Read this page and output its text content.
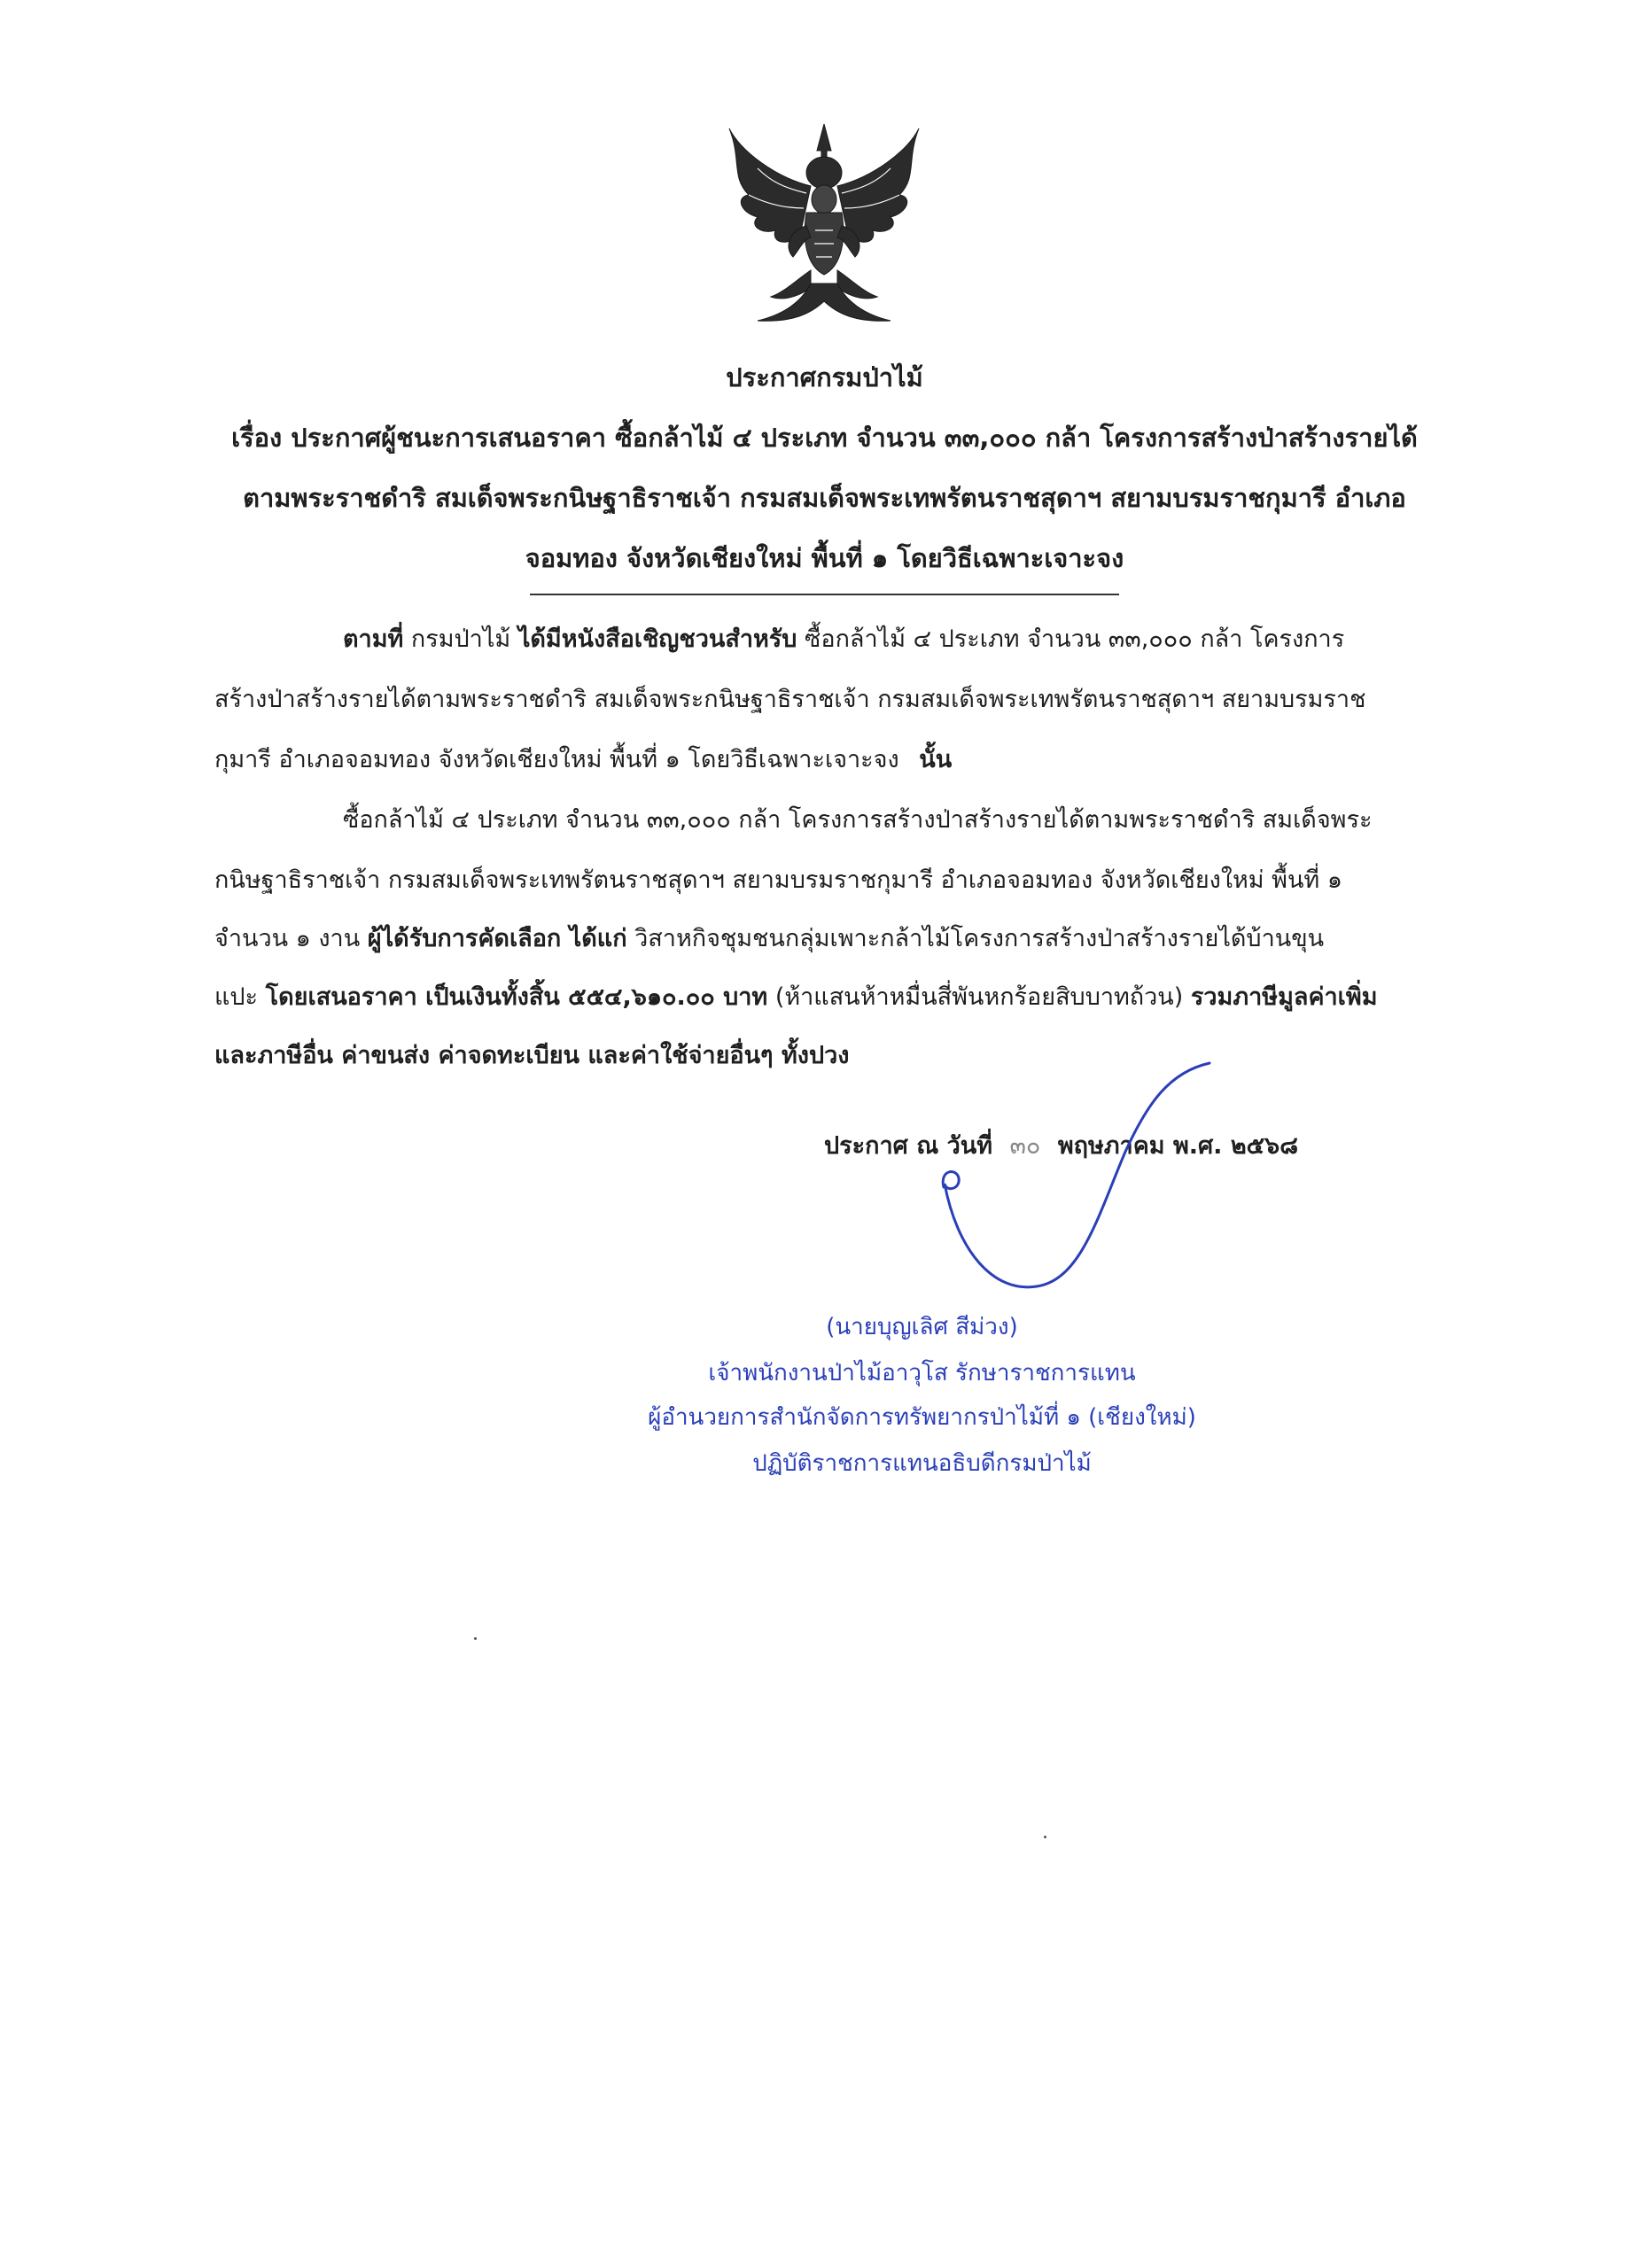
ประกาศกรมป่าไม้
เรื่อง ประกาศผู้ชนะการเสนอราคา ซื้อกล้าไม้ ๔ ประเภท จำนวน ๓๓,๐๐๐ กล้า โครงการสร้างป่าสร้างรายได้
ตามพระราชดำริ สมเด็จพระกนิษฐาธิราชเจ้า กรมสมเด็จพระเทพรัตนราชสุดาฯ สยามบรมราชกุมารี อำเภอ
จอมทอง จังหวัดเชียงใหม่ พื้นที่ ๑ โดยวิธีเฉพาะเจาะจง
ตามที่ กรมป่าไม้ ได้มีหนังสือเชิญชวนสำหรับ ซื้อกล้าไม้ ๔ ประเภท จำนวน ๓๓,๐๐๐ กล้า โครงการ
สร้างป่าสร้างรายได้ตามพระราชดำริ สมเด็จพระกนิษฐาธิราชเจ้า กรมสมเด็จพระเทพรัตนราชสุดาฯ สยามบรมราช
กุมารี อำเภอจอมทอง จังหวัดเชียงใหม่ พื้นที่ ๑ โดยวิธีเฉพาะเจาะจง นั้น
ซื้อกล้าไม้ ๔ ประเภท จำนวน ๓๓,๐๐๐ กล้า โครงการสร้างป่าสร้างรายได้ตามพระราชดำริ สมเด็จพระ
กนิษฐาธิราชเจ้า กรมสมเด็จพระเทพรัตนราชสุดาฯ สยามบรมราชกุมารี อำเภอจอมทอง จังหวัดเชียงใหม่ พื้นที่ ๑
จำนวน ๑ งาน ผู้ได้รับการคัดเลือก ได้แก่ วิสาหกิจชุมชนกลุ่มเพาะกล้าไม้โครงการสร้างป่าสร้างรายได้บ้านขุน
แปะ โดยเสนอราคา เป็นเงินทั้งสิ้น ๕๕๔,๖๑๐.๐๐ บาท (ห้าแสนห้าหมื่นสี่พันหกร้อยสิบบาทถ้วน) รวมภาษีมูลค่าเพิ่ม
และภาษีอื่น ค่าขนส่ง ค่าจดทะเบียน และค่าใช้จ่ายอื่นๆ ทั้งปวง
ประกาศ ณ วันที่ ๓๐ พฤษภาคม พ.ศ. ๒๕๖๘
(นายบุญเลิศ สีม่วง)
เจ้าพนักงานป่าไม้อาวุโส รักษาราชการแทน
ผู้อำนวยการสำนักจัดการทรัพยากรป่าไม้ที่ ๑ (เชียงใหม่)
ปฏิบัติราชการแทนอธิบดีกรมป่าไม้
